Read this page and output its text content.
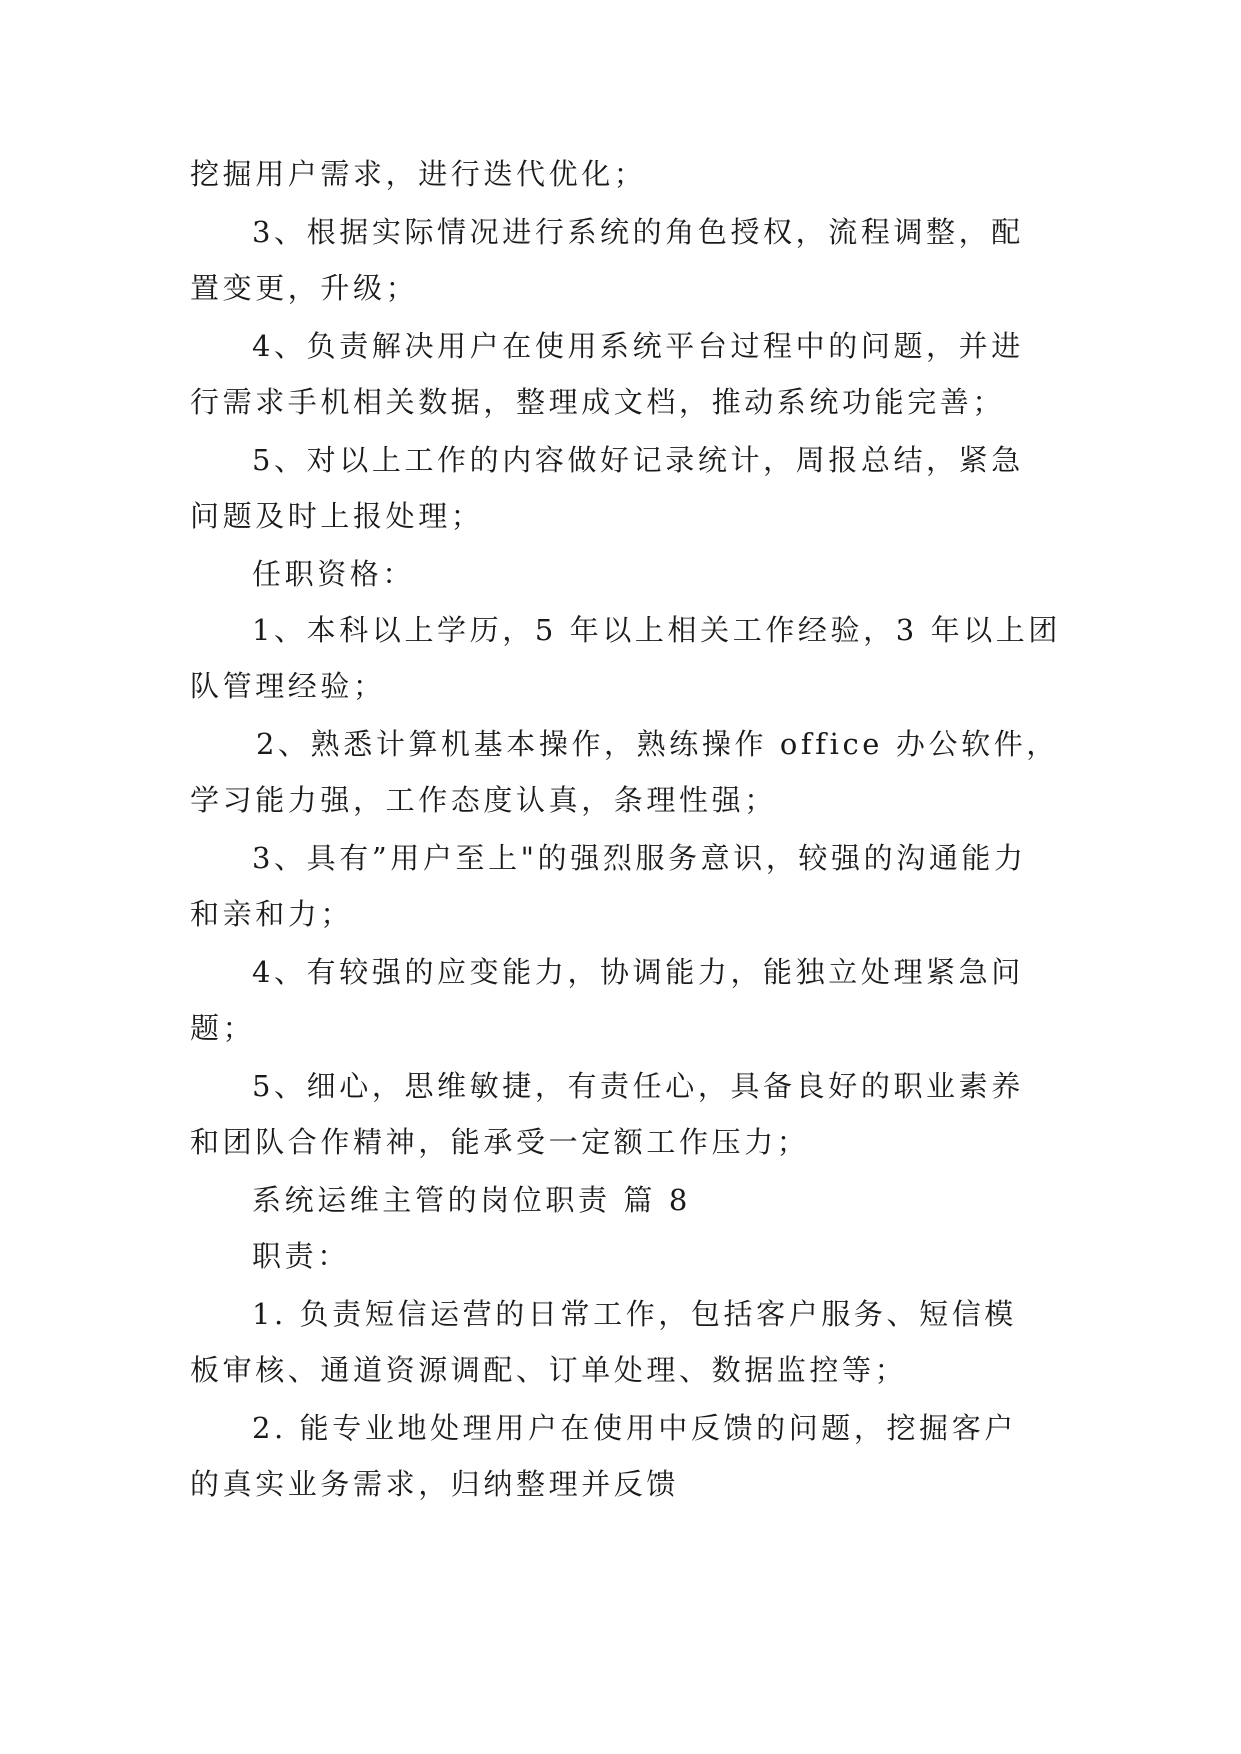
挖掘用户需求，进行迭代优化；
3、根据实际情况进行系统的角色授权，流程调整，配
置变更，升级；
4、负责解决用户在使用系统平台过程中的问题，并进
行需求手机相关数据，整理成文档，推动系统功能完善；
5、对以上工作的内容做好记录统计，周报总结，紧急
问题及时上报处理；
任职资格：
1、本科以上学历，5 年以上相关工作经验，3 年以上团
队管理经验；
2、熟悉计算机基本操作，熟练操作 office 办公软件，
学习能力强，工作态度认真，条理性强；
3、具有”用户至上"的强烈服务意识，较强的沟通能力
和亲和力；
4、有较强的应变能力，协调能力，能独立处理紧急问
题；
5、细心，思维敏捷，有责任心，具备良好的职业素养
和团队合作精神，能承受一定额工作压力；
系统运维主管的岗位职责 篇 8
职责：
1. 负责短信运营的日常工作，包括客户服务、短信模
板审核、通道资源调配、订单处理、数据监控等；
2. 能专业地处理用户在使用中反馈的问题，挖掘客户
的真实业务需求，归纳整理并反馈
